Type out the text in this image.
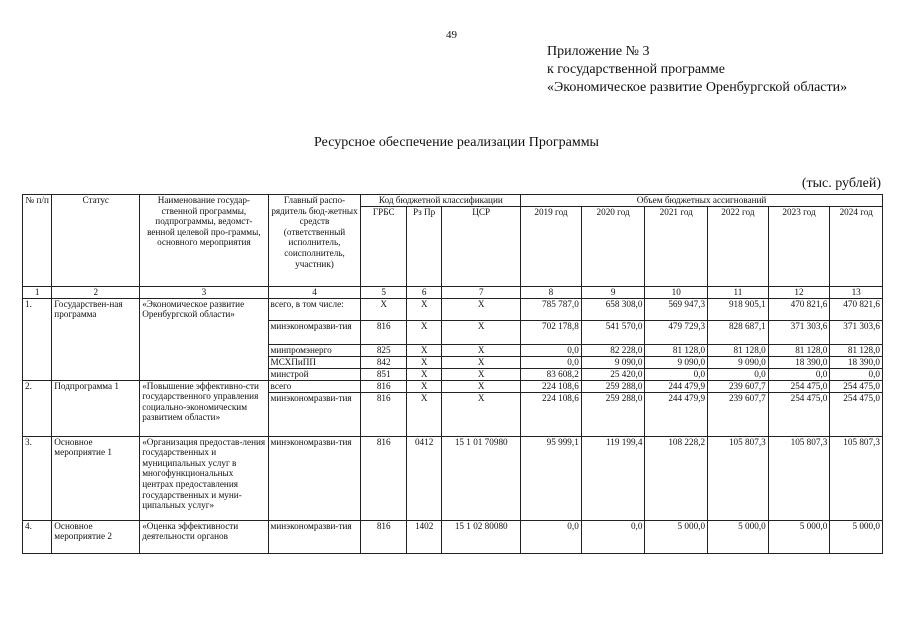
49
Приложение № 3
к государственной программе
«Экономическое развитие Оренбургской области»
Ресурсное обеспечение реализации Программы
(тыс. рублей)
№ п/п	Статус	Наименование государ-ственной программы, подпрограммы, ведомст-венной целевой про-граммы, основного мероприятия	Главный распо-рядитель бюд-жетных средств (ответственный исполнитель, соисполнитель, участник)	Код бюджетной классификации			Объем бюджетных ассигнований					
				ГРБС	Рз Пр	ЦСР	2019 год	2020 год	2021 год	2022 год	2023 год	2024 год
1	2	3	4	5	6	7	8	9	10	11	12	13
1.	Государствен-ная программа	«Экономическое развитие Оренбургской области»	всего, в том числе:	X	X	X	785 787,0	658 308,0	569 947,3	918 905,1	470 821,6	470 821,6
			минэкономразви-тия	816	X	X	702 178,8	541 570,0	479 729,3	828 687,1	371 303,6	371 303,6
			минпромэнерго	825	X	X	0,0	82 228,0	81 128,0	81 128,0	81 128,0	81 128,0
			МСХПиПП	842	X	X	0,0	9 090,0	9 090,0	9 090,0	18 390,0	18 390,0
			минстрой	851	X	X	83 608,2	25 420,0	0,0	0,0	0,0	0,0
2.	Подпрограмма 1	«Повышение эффективно-сти государственного управления социально-экономическим развитием области»	всего	816	X	X	224 108,6	259 288,0	244 479,9	239 607,7	254 475,0	254 475,0
			минэкономразви-тия	816	X	X	224 108,6	259 288,0	244 479,9	239 607,7	254 475,0	254 475,0
3.	Основное мероприятие 1	«Организация предостав-ления государственных и муниципальных услуг в многофункциональных центрах предоставления государственных и муни-ципальных услуг»	минэкономразви-тия	816	0412	15 1 01 70980	95 999,1	119 199,4	108 228,2	105 807,3	105 807,3	105 807,3
4.	Основное мероприятие 2	«Оценка эффективности деятельности органов	минэкономразви-тия	816	1402	15 1 02 80080	0,0	0,0	5 000,0	5 000,0	5 000,0	5 000,0
